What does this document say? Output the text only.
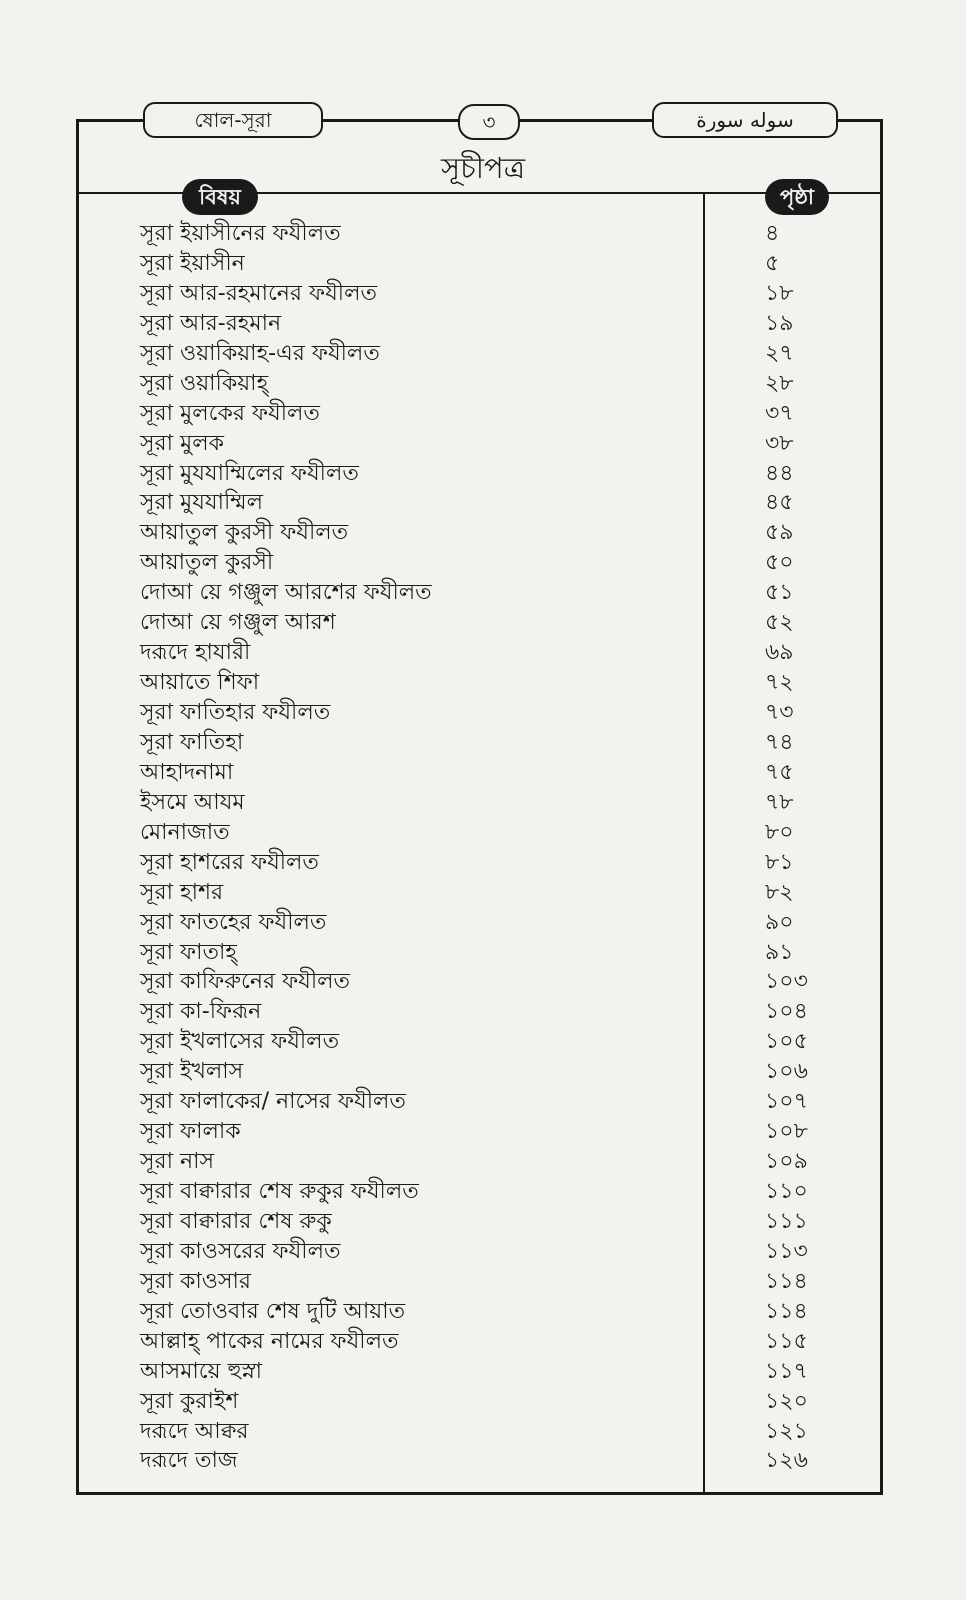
ষোল-সূরা	৩	سوله سورة
সূচীপত্র
বিষয়	পৃষ্ঠা
সূরা ইয়াসীনের ফযীলত	৪
সূরা ইয়াসীন	৫
সূরা আর-রহমানের ফযীলত	১৮
সূরা আর-রহমান	১৯
সূরা ওয়াকিয়াহ-এর ফযীলত	২৭
সূরা ওয়াকিয়াহ্	২৮
সূরা মুলকের ফযীলত	৩৭
সূরা মুলক	৩৮
সূরা মুযযাম্মিলের ফযীলত	৪৪
সূরা মুযযাম্মিল	৪৫
আয়াতুল কুরসী ফযীলত	৫৯
আয়াতুল কুরসী	৫০
দোআ য়ে গঞ্জুল আরশের ফযীলত	৫১
দোআ য়ে গঞ্জুল আরশ	৫২
দরূদে হাযারী	৬৯
আয়াতে শিফা	৭২
সূরা ফাতিহার ফযীলত	৭৩
সূরা ফাতিহা	৭৪
আহাদনামা	৭৫
ইসমে আযম	৭৮
মোনাজাত	৮০
সূরা হাশরের ফযীলত	৮১
সূরা হাশর	৮২
সূরা ফাতহের ফযীলত	৯০
সূরা ফাতাহ্	৯১
সূরা কাফিরুনের ফযীলত	১০৩
সূরা কা-ফিরূন	১০৪
সূরা ইখলাসের ফযীলত	১০৫
সূরা ইখলাস	১০৬
সূরা ফালাকের/ নাসের ফযীলত	১০৭
সূরা ফালাক	১০৮
সূরা নাস	১০৯
সূরা বাক্বারার শেষ রুকুর ফযীলত	১১০
সূরা বাক্বারার শেষ রুকু	১১১
সূরা কাওসরের ফযীলত	১১৩
সূরা কাওসার	১১৪
সূরা তোওবার শেষ দুটি আয়াত	১১৪
আল্লাহ্ পাকের নামের ফযীলত	১১৫
আসমায়ে হুস্না	১১৭
সূরা কুরাইশ	১২০
দরূদে আক্বর	১২১
দরূদে তাজ	১২৬
